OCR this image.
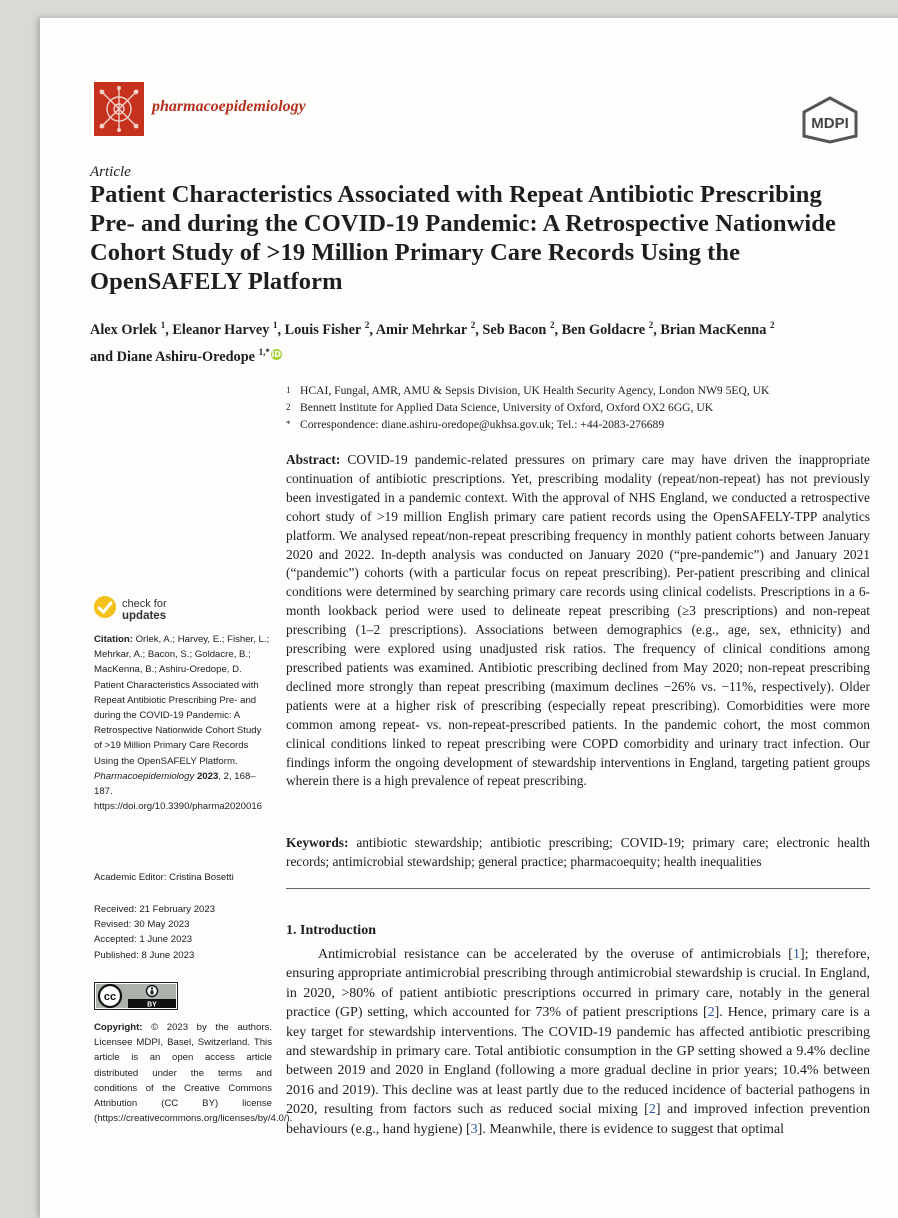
pharmacoepidemiology
MDPI
Article
Patient Characteristics Associated with Repeat Antibiotic Prescribing Pre- and during the COVID-19 Pandemic: A Retrospective Nationwide Cohort Study of >19 Million Primary Care Records Using the OpenSAFELY Platform
Alex Orlek $^1$, Eleanor Harvey $^1$, Louis Fisher $^2$, Amir Mehrkar $^2$, Seb Bacon $^2$, Ben Goldacre $^2$, Brian MacKenna $^2$
and Diane Ashiru-Oredope $^{1,*}$ iD
1 HCAI, Fungal, AMR, AMU & Sepsis Division, UK Health Security Agency, London NW9 5EQ, UK
2 Bennett Institute for Applied Data Science, University of Oxford, Oxford OX2 6GG, UK
* Correspondence: diane.ashiru-oredope@ukhsa.gov.uk; Tel.: +44-2083-276689
Abstract: COVID-19 pandemic-related pressures on primary care may have driven the inappropriate continuation of antibiotic prescriptions. Yet, prescribing modality (repeat/non-repeat) has not previously been investigated in a pandemic context. With the approval of NHS England, we conducted a retrospective cohort study of >19 million English primary care patient records using the OpenSAFELY-TPP analytics platform. We analysed repeat/non-repeat prescribing frequency in monthly patient cohorts between January 2020 and 2022. In-depth analysis was conducted on January 2020 (“pre-pandemic”) and January 2021 (“pandemic”) cohorts (with a particular focus on repeat prescribing). Per-patient prescribing and clinical conditions were determined by searching primary care records using clinical codelists. Prescriptions in a 6-month lookback period were used to delineate repeat prescribing (≥3 prescriptions) and non-repeat prescribing (1–2 prescriptions). Associations between demographics (e.g., age, sex, ethnicity) and prescribing were explored using unadjusted risk ratios. The frequency of clinical conditions among prescribed patients was examined. Antibiotic prescribing declined from May 2020; non-repeat prescribing declined more strongly than repeat prescribing (maximum declines −26% vs. −11%, respectively). Older patients were at a higher risk of prescribing (especially repeat prescribing). Comorbidities were more common among repeat- vs. non-repeat-prescribed patients. In the pandemic cohort, the most common clinical conditions linked to repeat prescribing were COPD comorbidity and urinary tract infection. Our findings inform the ongoing development of stewardship interventions in England, targeting patient groups wherein there is a high prevalence of repeat prescribing.
Keywords: antibiotic stewardship; antibiotic prescribing; COVID-19; primary care; electronic health records; antimicrobial stewardship; general practice; pharmacoequity; health inequalities
1. Introduction
Antimicrobial resistance can be accelerated by the overuse of antimicrobials [1]; therefore, ensuring appropriate antimicrobial prescribing through antimicrobial stewardship is crucial. In England, in 2020, >80% of patient antibiotic prescriptions occurred in primary care, notably in the general practice (GP) setting, which accounted for 73% of patient prescriptions [2]. Hence, primary care is a key target for stewardship interventions. The COVID-19 pandemic has affected antibiotic prescribing and stewardship in primary care. Total antibiotic consumption in the GP setting showed a 9.4% decline between 2019 and 2020 in England (following a more gradual decline in prior years; 10.4% between 2016 and 2019). This decline was at least partly due to the reduced incidence of bacterial pathogens in 2020, resulting from factors such as reduced social mixing [2] and improved infection prevention behaviours (e.g., hand hygiene) [3]. Meanwhile, there is evidence to suggest that optimal
check for
updates
Citation: Orlek, A.; Harvey, E.; Fisher, L.; Mehrkar, A.; Bacon, S.; Goldacre, B.; MacKenna, B.; Ashiru-Oredope, D. Patient Characteristics Associated with Repeat Antibiotic Prescribing Pre- and during the COVID-19 Pandemic: A Retrospective Nationwide Cohort Study of >19 Million Primary Care Records Using the OpenSAFELY Platform. Pharmacoepidemiology 2023, 2, 168–187. https://doi.org/10.3390/pharma2020016
Academic Editor: Cristina Bosetti
Received: 21 February 2023
Revised: 30 May 2023
Accepted: 1 June 2023
Published: 8 June 2023
cc
BY
Copyright: © 2023 by the authors. Licensee MDPI, Basel, Switzerland. This article is an open access article distributed under the terms and conditions of the Creative Commons Attribution (CC BY) license (https://creativecommons.org/licenses/by/4.0/).
